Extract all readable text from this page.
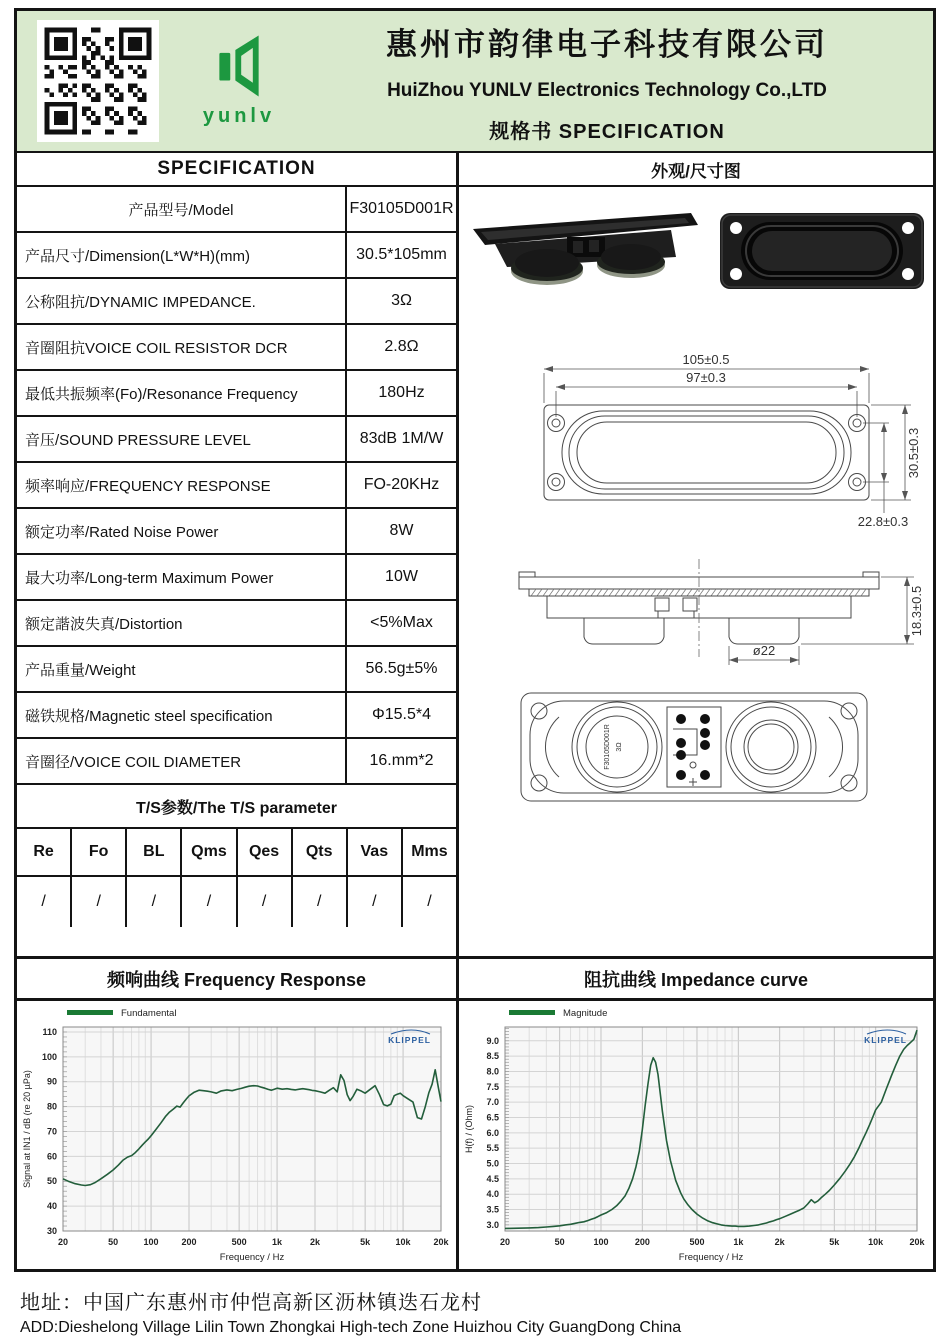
yunlv
惠州市韵律电子科技有限公司
HuiZhou YUNLV Electronics Technology Co.,LTD
规格书 SPECIFICATION
SPECIFICATION
产品型号/Model	F30105D001R
产品尺寸/Dimension(L*W*H)(mm)	30.5*105mm
公称阻抗/DYNAMIC IMPEDANCE.	3Ω
音圈阻抗VOICE COIL RESISTOR DCR	2.8Ω
最低共振频率(Fo)/Resonance Frequency	180Hz
音压/SOUND PRESSURE LEVEL	83dB 1M/W
频率响应/FREQUENCY RESPONSE	FO-20KHz
额定功率/Rated Noise Power	8W
最大功率/Long-term Maximum Power	10W
额定諧波失真/Distortion	<5%Max
产品重量/Weight	56.5g±5%
磁铁规格/Magnetic steel specification	Φ15.5*4
音圈径/VOICE COIL DIAMETER	16.mm*2
T/S参数/The T/S parameter
Re	Fo	BL	Qms	Qes	Qts	Vas	Mms
/	/	/	/	/	/	/	/
外观/尺寸图
105±0.5
97±0.3
30.5±0.3
22.8±0.3
ø22
18.3±0.5
F30105D001R 3Ω
频响曲线 Frequency Response
20	50	100	200	500	1k	2k	5k	10k	20k
30
40
50
60
70
80
90
100
110
Frequency / Hz
Signal at IN1 / dB (re 20 µPa)
Fundamental
KLIPPEL
阻抗曲线 Impedance curve
20	50	100	200	500	1k	2k	5k	10k	20k
3.0
3.5
4.0
4.5
5.0
5.5
6.0
6.5
7.0
7.5
8.0
8.5
9.0
Frequency / Hz
H(f) / (Ohm)
Magnitude
KLIPPEL
地址：中国广东惠州市仲恺高新区沥林镇迭石龙村
ADD:Dieshelong Village Lilin Town Zhongkai High-tech Zone Huizhou City GuangDong China
